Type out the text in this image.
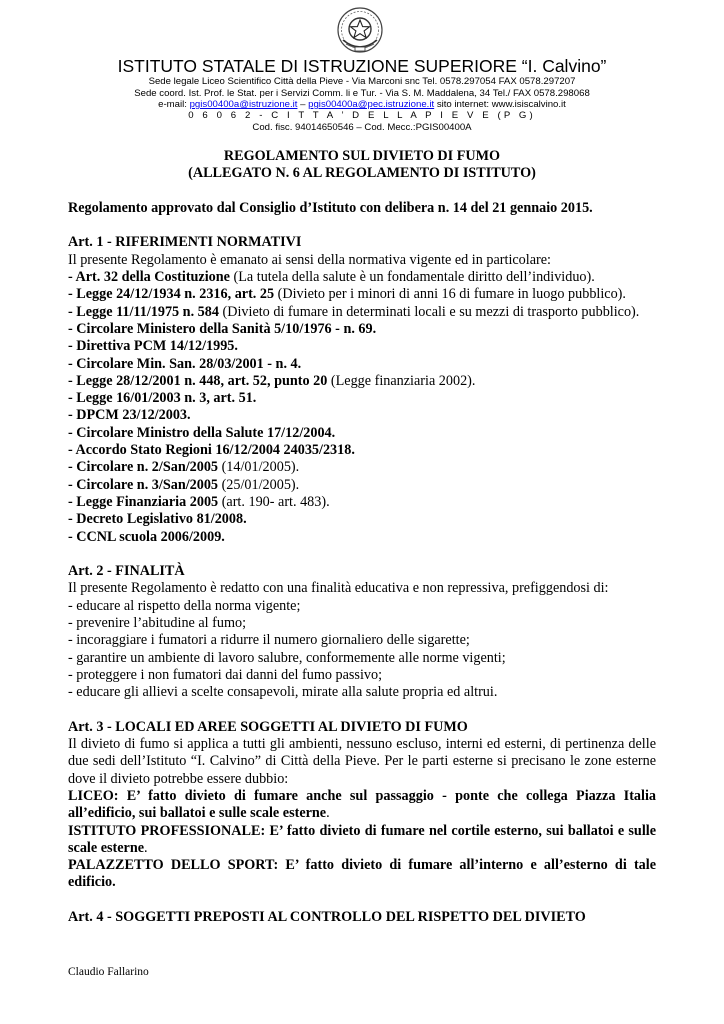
ISTITUTO STATALE DI ISTRUZIONE SUPERIORE “I. Calvino”
Sede legale Liceo Scientifico Città della Pieve - Via Marconi snc Tel. 0578.297054 FAX 0578.297207
Sede coord. Ist. Prof. le Stat. per i Servizi Comm. li e Tur. - Via S. M. Maddalena, 34 Tel./ FAX 0578.298068
e-mail: pgis00400a@istruzione.it – pgis00400a@pec.istruzione.it sito internet: www.isiscalvino.it
0 6 0 6 2 - C I T T A ’ D E L L A P I E V E (P G)
Cod. fisc. 94014650546 – Cod. Mecc.:PGIS00400A

REGOLAMENTO SUL DIVIETO DI FUMO

(ALLEGATO N. 6 AL REGOLAMENTO DI ISTITUTO)

Regolamento approvato dal Consiglio d’Istituto con delibera n. 14 del 21 gennaio 2015.

Art. 1 - RIFERIMENTI NORMATIVI

Il presente Regolamento è emanato ai sensi della normativa vigente ed in particolare:

- Art. 32 della Costituzione (La tutela della salute è un fondamentale diritto dell’individuo).

- Legge 24/12/1934 n. 2316, art. 25 (Divieto per i minori di anni 16 di fumare in luogo pubblico).

- Legge 11/11/1975 n. 584 (Divieto di fumare in determinati locali e su mezzi di trasporto pubblico).

- Circolare Ministero della Sanità 5/10/1976 - n. 69.

- Direttiva PCM 14/12/1995.

- Circolare Min. San. 28/03/2001 - n. 4.

- Legge 28/12/2001 n. 448, art. 52, punto 20 (Legge finanziaria 2002).

- Legge 16/01/2003 n. 3, art. 51.

- DPCM 23/12/2003.

- Circolare Ministro della Salute 17/12/2004.

- Accordo Stato Regioni 16/12/2004 24035/2318.

- Circolare n. 2/San/2005 (14/01/2005).

- Circolare n. 3/San/2005 (25/01/2005).

- Legge Finanziaria 2005 (art. 190- art. 483).

- Decreto Legislativo 81/2008.

- CCNL scuola 2006/2009.

Art. 2 - FINALITÀ

Il presente Regolamento è redatto con una finalità educativa e non repressiva, prefiggendosi di:

- educare al rispetto della norma vigente;

- prevenire l’abitudine al fumo;

- incoraggiare i fumatori a ridurre il numero giornaliero delle sigarette;

- garantire un ambiente di lavoro salubre, conformemente alle norme vigenti;

- proteggere i non fumatori dai danni del fumo passivo;

- educare gli allievi a scelte consapevoli, mirate alla salute propria ed altrui.

Art. 3 - LOCALI ED AREE SOGGETTI AL DIVIETO DI FUMO

Il divieto di fumo si applica a tutti gli ambienti, nessuno escluso, interni ed esterni, di pertinenza delle due sedi dell’Istituto “I. Calvino” di Città della Pieve. Per le parti esterne si precisano le zone esterne dove il divieto potrebbe essere dubbio:

LICEO: E’ fatto divieto di fumare anche sul passaggio - ponte che collega Piazza Italia all’edificio, sui ballatoi e sulle scale esterne.

ISTITUTO PROFESSIONALE: E’ fatto divieto di fumare nel cortile esterno, sui ballatoi e sulle scale esterne.

PALAZZETTO DELLO SPORT: E’ fatto divieto di fumare all’interno e all’esterno di tale edificio.

Art. 4 - SOGGETTI PREPOSTI AL CONTROLLO DEL RISPETTO DEL DIVIETO

Claudio Fallarino
